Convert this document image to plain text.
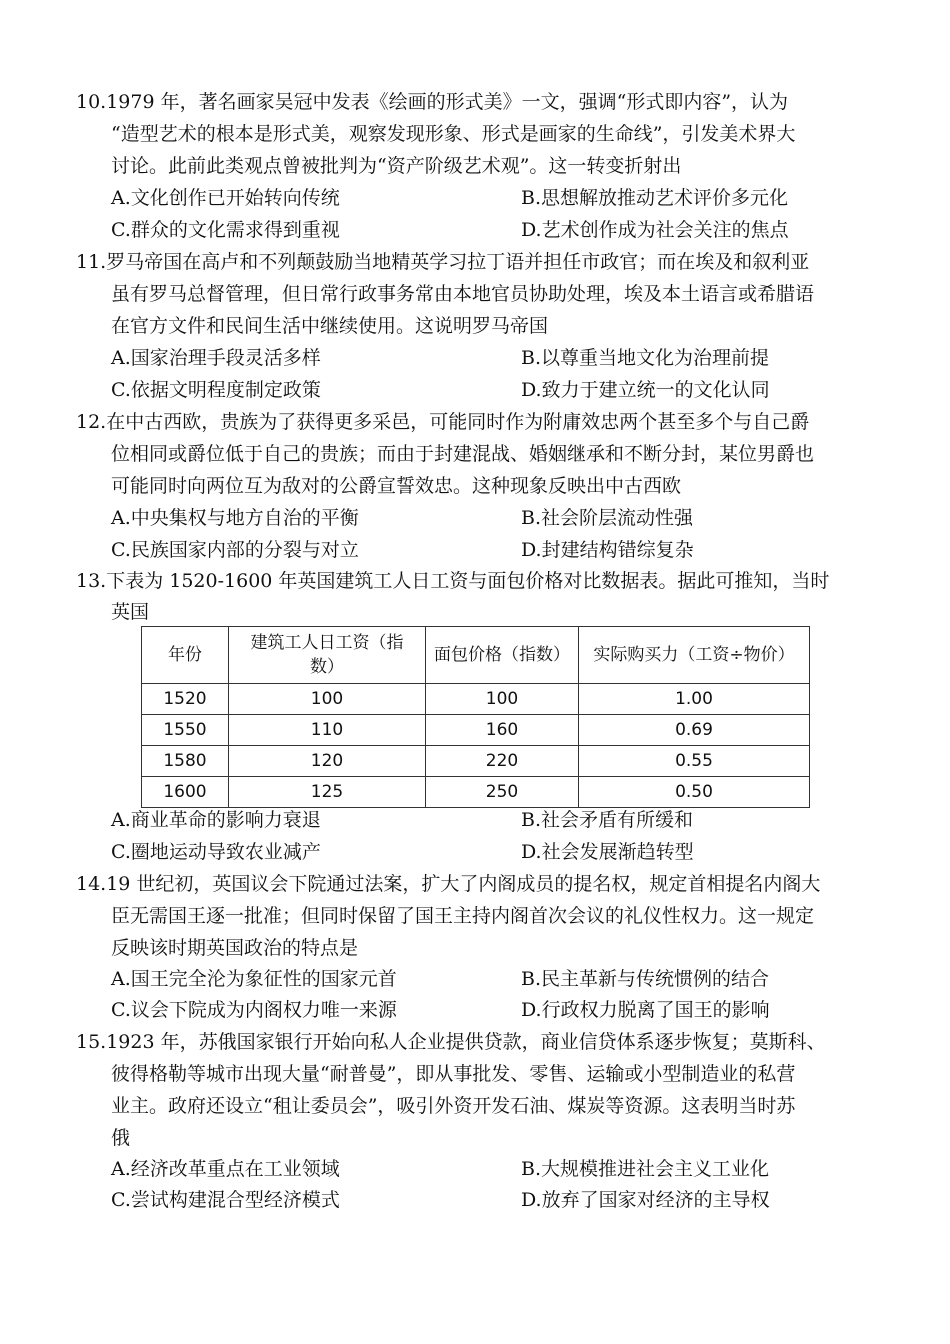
10.1979 年，著名画家吴冠中发表《绘画的形式美》一文，强调“形式即内容”，认为
“造型艺术的根本是形式美，观察发现形象、形式是画家的生命线”，引发美术界大
讨论。此前此类观点曾被批判为“资产阶级艺术观”。这一转变折射出
A.文化创作已开始转向传统	B.思想解放推动艺术评价多元化
C.群众的文化需求得到重视	D.艺术创作成为社会关注的焦点
11.罗马帝国在高卢和不列颠鼓励当地精英学习拉丁语并担任市政官；而在埃及和叙利亚
虽有罗马总督管理，但日常行政事务常由本地官员协助处理，埃及本土语言或希腊语
在官方文件和民间生活中继续使用。这说明罗马帝国
A.国家治理手段灵活多样	B.以尊重当地文化为治理前提
C.依据文明程度制定政策	D.致力于建立统一的文化认同
12.在中古西欧，贵族为了获得更多采邑，可能同时作为附庸效忠两个甚至多个与自己爵
位相同或爵位低于自己的贵族；而由于封建混战、婚姻继承和不断分封，某位男爵也
可能同时向两位互为敌对的公爵宣誓效忠。这种现象反映出中古西欧
A.中央集权与地方自治的平衡	B.社会阶层流动性强
C.民族国家内部的分裂与对立	D.封建结构错综复杂
13.下表为 1520-1600 年英国建筑工人日工资与面包价格对比数据表。据此可推知，当时
英国
年份	建筑工人日工资（指
数）	面包价格（指数）	实际购买力（工资÷物价）
1520	100	100	1.00
1550	110	160	0.69
1580	120	220	0.55
1600	125	250	0.50
A.商业革命的影响力衰退	B.社会矛盾有所缓和
C.圈地运动导致农业减产	D.社会发展渐趋转型
14.19 世纪初，英国议会下院通过法案，扩大了内阁成员的提名权，规定首相提名内阁大
臣无需国王逐一批准；但同时保留了国王主持内阁首次会议的礼仪性权力。这一规定
反映该时期英国政治的特点是
A.国王完全沦为象征性的国家元首	B.民主革新与传统惯例的结合
C.议会下院成为内阁权力唯一来源	D.行政权力脱离了国王的影响
15.1923 年，苏俄国家银行开始向私人企业提供贷款，商业信贷体系逐步恢复；莫斯科、
彼得格勒等城市出现大量“耐普曼”，即从事批发、零售、运输或小型制造业的私营
业主。政府还设立“租让委员会”，吸引外资开发石油、煤炭等资源。这表明当时苏
俄
A.经济改革重点在工业领域	B.大规模推进社会主义工业化
C.尝试构建混合型经济模式	D.放弃了国家对经济的主导权
